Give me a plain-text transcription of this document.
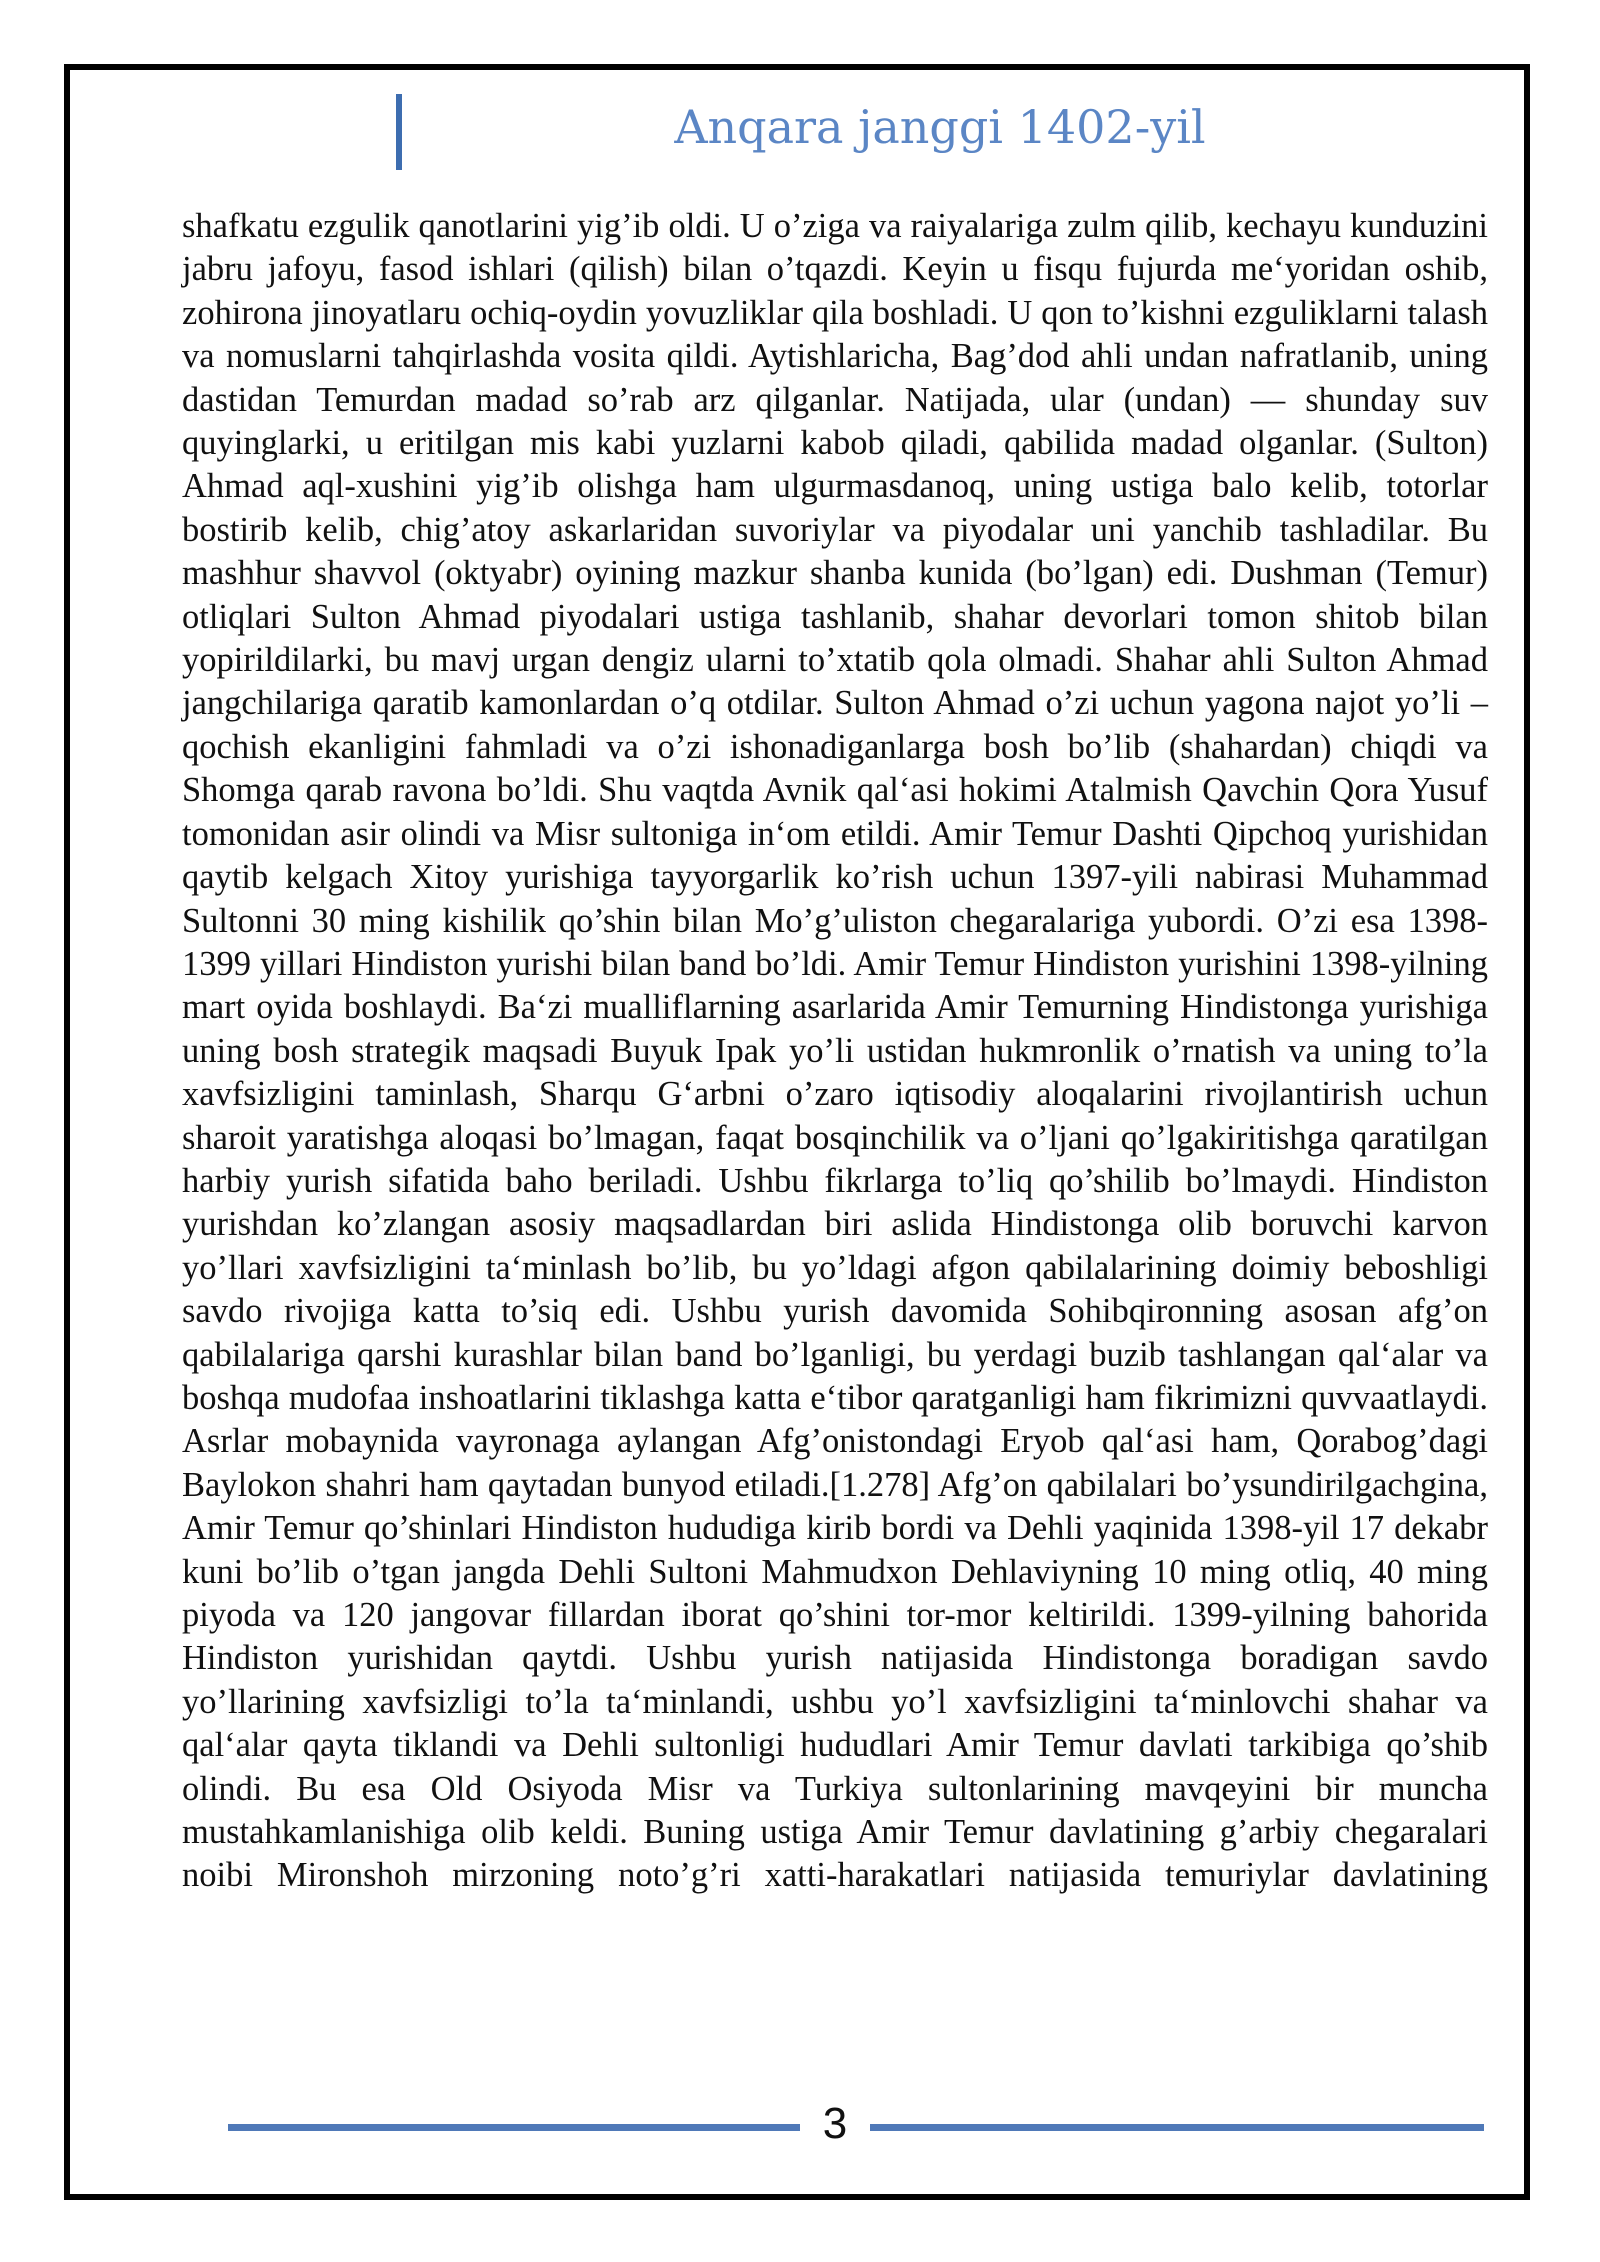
Anqara janggi 1402-yil

shafkatu ezgulik qanotlarini yig’ib oldi. U o’ziga va raiyalariga zulm qilib, kechayu kunduzini jabru jafoyu, fasod ishlari (qilish) bilan o’tqazdi. Keyin u fisqu fujurda me‘yoridan oshib, zohirona jinoyatlaru ochiq-oydin yovuzliklar qila boshladi. U qon to’kishni ezguliklarni talash va nomuslarni tahqirlashda vosita qildi. Aytishlaricha, Bag’dod ahli undan nafratlanib, uning dastidan Temurdan madad so’rab arz qilganlar. Natijada, ular (undan) — shunday suv quyinglarki, u eritilgan mis kabi yuzlarni kabob qiladi, qabilida madad olganlar. (Sulton) Ahmad aql-xushini yig’ib olishga ham ulgurmasdanoq, uning ustiga balo kelib, totorlar bostirib kelib, chig’atoy askarlaridan suvoriylar va piyodalar uni yanchib tashladilar. Bu mashhur shavvol (oktyabr) oyining mazkur shanba kunida (bo’lgan) edi. Dushman (Temur) otliqlari Sulton Ahmad piyodalari ustiga tashlanib, shahar devorlari tomon shitob bilan yopirildilarki, bu mavj urgan dengiz ularni to’xtatib qola olmadi. Shahar ahli Sulton Ahmad jangchilariga qaratib kamonlardan o’q otdilar. Sulton Ahmad o’zi uchun yagona najot yo’li – qochish ekanligini fahmladi va o’zi ishonadiganlarga bosh bo’lib (shahardan) chiqdi va Shomga qarab ravona bo’ldi. Shu vaqtda Avnik qal‘asi hokimi Atalmish Qavchin Qora Yusuf tomonidan asir olindi va Misr sultoniga in‘om etildi. Amir Temur Dashti Qipchoq yurishidan qaytib kelgach Xitoy yurishiga tayyorgarlik ko’rish uchun 1397-yili nabirasi Muhammad Sultonni 30 ming kishilik qo’shin bilan Mo’g’uliston chegaralariga yubordi. O’zi esa 1398-1399 yillari Hindiston yurishi bilan band bo’ldi. Amir Temur Hindiston yurishini 1398-yilning mart oyida boshlaydi. Ba‘zi mualliflarning asarlarida Amir Temurning Hindistonga yurishiga uning bosh strategik maqsadi Buyuk Ipak yo’li ustidan hukmronlik o’rnatish va uning to’la xavfsizligini taminlash, Sharqu G‘arbni o’zaro iqtisodiy aloqalarini rivojlantirish uchun sharoit yaratishga aloqasi bo’lmagan, faqat bosqinchilik va o’ljani qo’lgakiritishga qaratilgan harbiy yurish sifatida baho beriladi. Ushbu fikrlarga to’liq qo’shilib bo’lmaydi. Hindiston yurishdan ko’zlangan asosiy maqsadlardan biri aslida Hindistonga olib boruvchi karvon yo’llari xavfsizligini ta‘minlash bo’lib, bu yo’ldagi afgon qabilalarining doimiy beboshligi savdo rivojiga katta to’siq edi. Ushbu yurish davomida Sohibqironning asosan afg’on qabilalariga qarshi kurashlar bilan band bo’lganligi, bu yerdagi buzib tashlangan qal‘alar va boshqa mudofaa inshoatlarini tiklashga katta e‘tibor qaratganligi ham fikrimizni quvvaatlaydi. Asrlar mobaynida vayronaga aylangan Afg’onistondagi Eryob qal‘asi ham, Qorabog’dagi Baylokon shahri ham qaytadan bunyod etiladi.[1.278] Afg’on qabilalari bo’ysundirilgachgina, Amir Temur qo’shinlari Hindiston hududiga kirib bordi va Dehli yaqinida 1398-yil 17 dekabr kuni bo’lib o’tgan jangda Dehli Sultoni Mahmudxon Dehlaviyning 10 ming otliq, 40 ming piyoda va 120 jangovar fillardan iborat qo’shini tor-mor keltirildi. 1399-yilning bahorida Hindiston yurishidan qaytdi. Ushbu yurish natijasida Hindistonga boradigan savdo yo’llarining xavfsizligi to’la ta‘minlandi, ushbu yo’l xavfsizligini ta‘minlovchi shahar va qal‘alar qayta tiklandi va Dehli sultonligi hududlari Amir Temur davlati tarkibiga qo’shib olindi. Bu esa Old Osiyoda Misr va Turkiya sultonlarining mavqeyini bir muncha mustahkamlanishiga olib keldi. Buning ustiga Amir Temur davlatining g’arbiy chegaralari noibi Mironshoh mirzoning noto’g’ri xatti-harakatlari natijasida temuriylar davlatining

3
